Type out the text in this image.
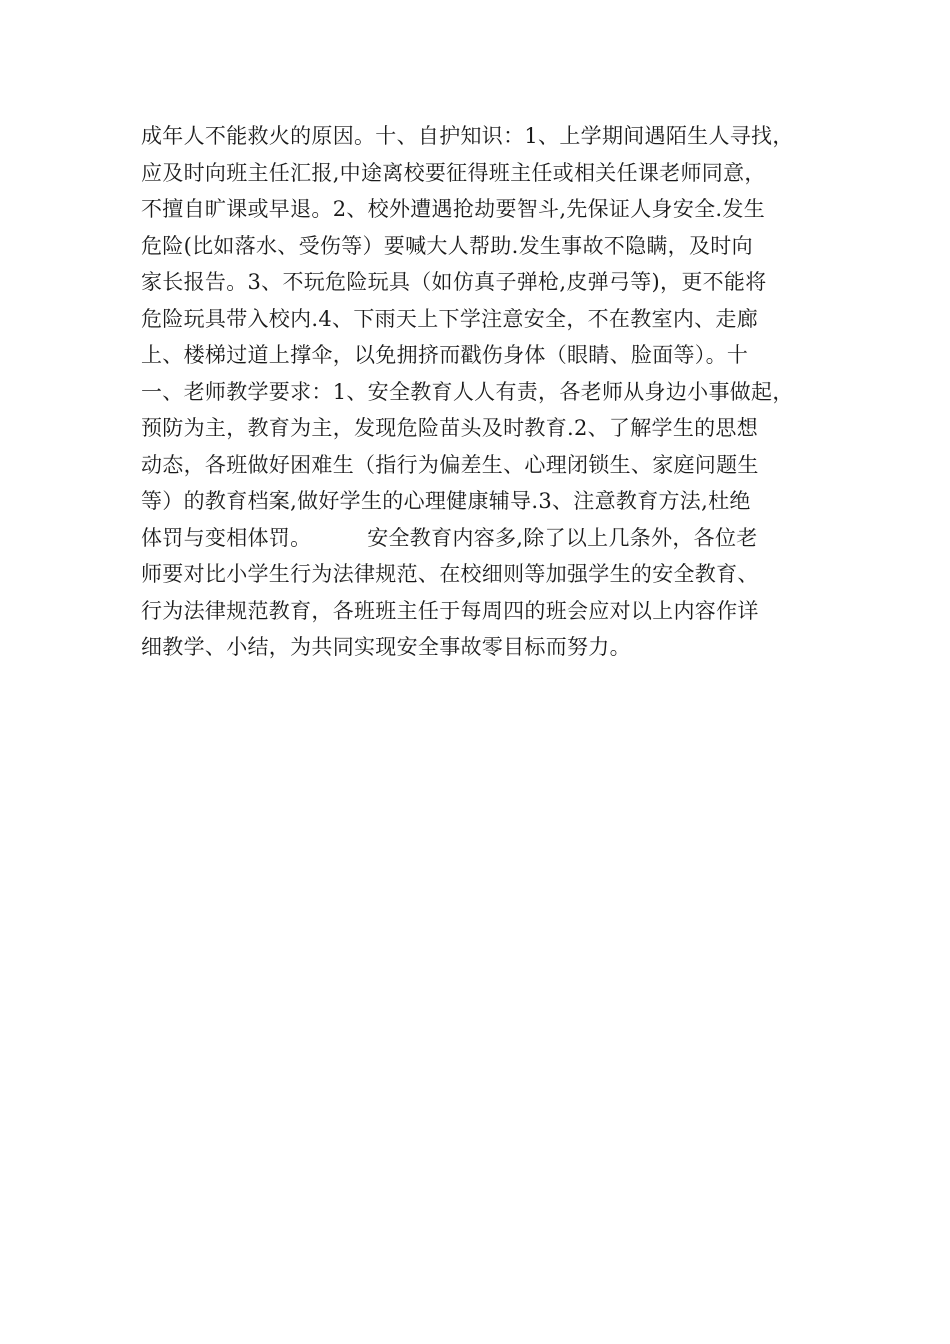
成年人不能救火的原因。十、自护知识：1、上学期间遇陌生人寻找，
应及时向班主任汇报,中途离校要征得班主任或相关任课老师同意，
不擅自旷课或早退。2、校外遭遇抢劫要智斗,先保证人身安全.发生
危险(比如落水、受伤等）要喊大人帮助.发生事故不隐瞒，及时向
家长报告。3、不玩危险玩具（如仿真子弹枪,皮弹弓等)，更不能将
危险玩具带入校内.4、下雨天上下学注意安全，不在教室内、走廊
上、楼梯过道上撑伞，以免拥挤而戳伤身体（眼睛、脸面等）。十
一、老师教学要求：1、安全教育人人有责，各老师从身边小事做起，
预防为主，教育为主，发现危险苗头及时教育.2、了解学生的思想
动态，各班做好困难生（指行为偏差生、心理闭锁生、家庭问题生
等）的教育档案,做好学生的心理健康辅导.3、注意教育方法,杜绝
体罚与变相体罚。        安全教育内容多,除了以上几条外，各位老
师要对比小学生行为法律规范、在校细则等加强学生的安全教育、
行为法律规范教育，各班班主任于每周四的班会应对以上内容作详
细教学、小结，为共同实现安全事故零目标而努力。
